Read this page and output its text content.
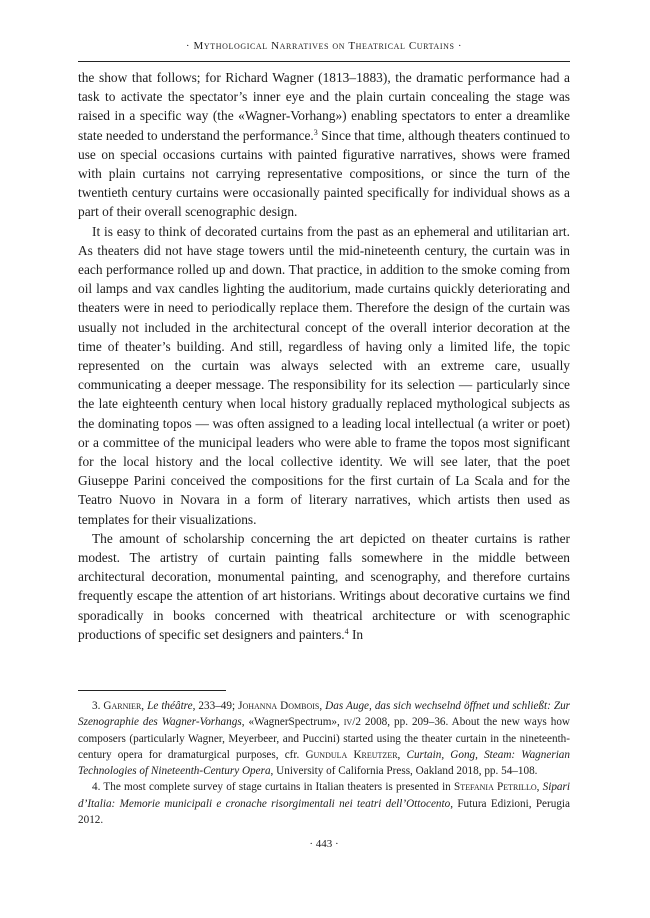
· Mythological Narratives on Theatrical Curtains ·

the show that follows; for Richard Wagner (1813–1883), the dramatic performance had a task to activate the spectator’s inner eye and the plain curtain concealing the stage was raised in a specific way (the «Wagner-Vorhang») enabling spectators to enter a dreamlike state needed to understand the performance.$^3$ Since that time, although theaters continued to use on special occasions curtains with painted figurative narratives, shows were framed with plain curtains not carrying representative compositions, or since the turn of the twentieth century curtains were occasionally painted specifically for individual shows as a part of their overall scenographic design.

It is easy to think of decorated curtains from the past as an ephemeral and utilitarian art. As theaters did not have stage towers until the mid-nineteenth century, the curtain was in each performance rolled up and down. That practice, in addition to the smoke coming from oil lamps and vax candles lighting the auditorium, made curtains quickly deteriorating and theaters were in need to periodically replace them. Therefore the design of the curtain was usually not included in the architectural concept of the overall interior decoration at the time of theater’s building. And still, regardless of having only a limited life, the topic represented on the curtain was always selected with an extreme care, usually communicating a deeper message. The responsibility for its selection — particularly since the late eighteenth century when local history gradually replaced mythological subjects as the dominating topos — was often assigned to a leading local intellectual (a writer or poet) or a committee of the municipal leaders who were able to frame the topos most significant for the local history and the local collective identity. We will see later, that the poet Giuseppe Parini conceived the compositions for the first curtain of La Scala and for the Teatro Nuovo in Novara in a form of literary narratives, which artists then used as templates for their visualizations.

The amount of scholarship concerning the art depicted on theater curtains is rather modest. The artistry of curtain painting falls somewhere in the middle between architectural decoration, monumental painting, and scenography, and therefore curtains frequently escape the attention of art historians. Writings about decorative curtains we find sporadically in books concerned with theatrical architecture or with scenographic productions of specific set designers and painters.$^4$ In

3. Garnier, Le théâtre, 233–49; Johanna Dombois, Das Auge, das sich wechselnd öffnet und schließt: Zur Szenographie des Wagner-Vorhangs, «WagnerSpectrum», iv/2 2008, pp. 209–36. About the new ways how composers (particularly Wagner, Meyerbeer, and Puccini) started using the theater curtain in the nineteenth-century opera for dramaturgical purposes, cfr. Gundula Kreutzer, Curtain, Gong, Steam: Wagnerian Technologies of Nineteenth-Century Opera, University of California Press, Oakland 2018, pp. 54–108.

4. The most complete survey of stage curtains in Italian theaters is presented in Stefania Petrillo, Sipari d’Italia: Memorie municipali e cronache risorgimentali nei teatri dell’Ottocento, Futura Edizioni, Perugia 2012.

· 443 ·
